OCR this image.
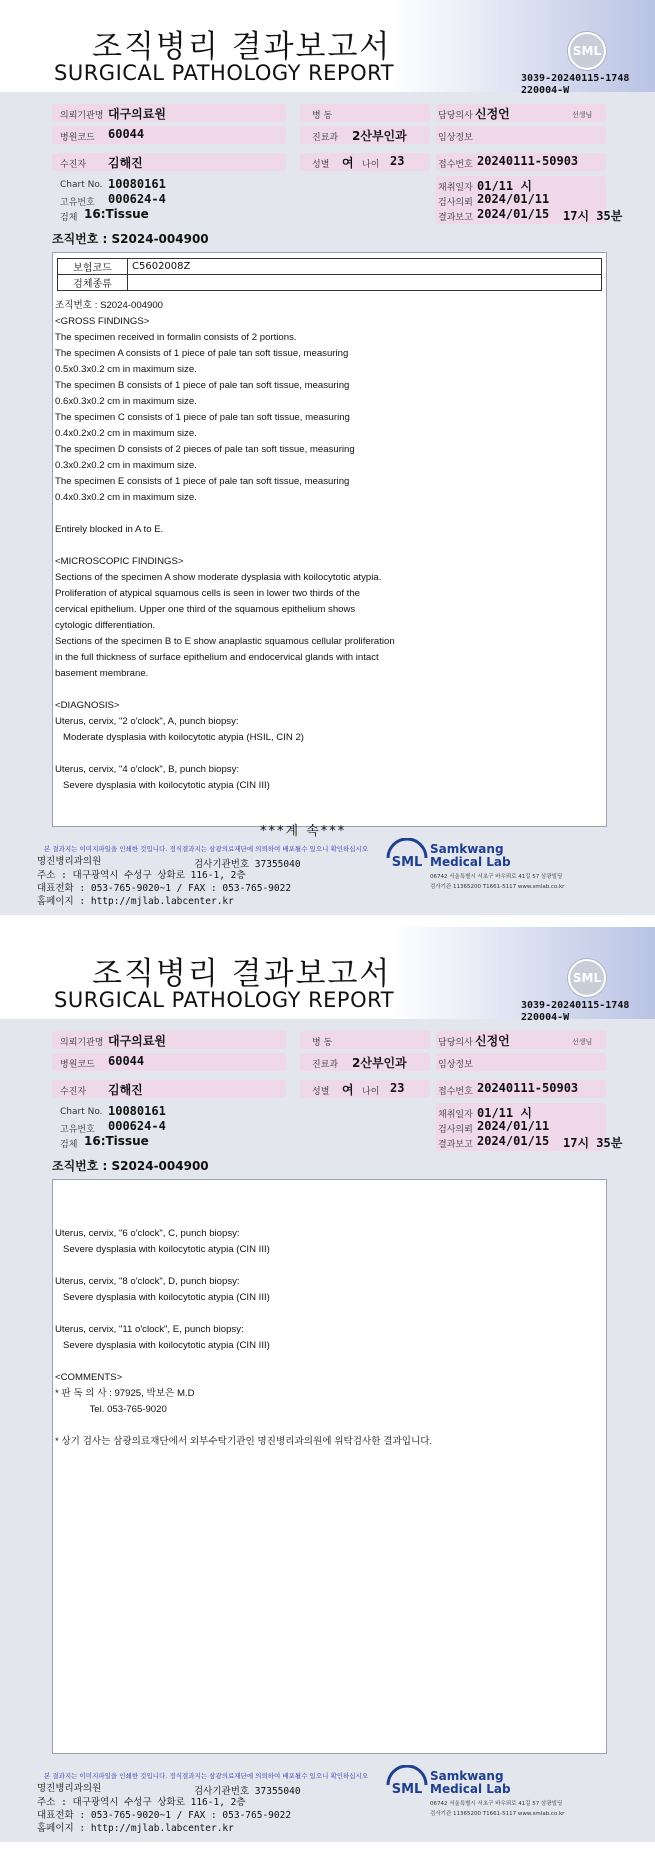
조직병리 결과보고서
SURGICAL PATHOLOGY REPORT
SML
3039-20240115-1748
220004-W
의뢰기관명 대구의료원	병 동	담당의사 신정언	선생님
병원코드 60044	진료과 2산부인과	임상정보
수진자 김해진	성별 여 나이 23	접수번호 20240111-50903
Chart No. 10080161
고유번호 000624-4
검체 16:Tissue
채취일자 01/11 시
검사의뢰 2024/01/11
결과보고 2024/01/15 17시 35분
조직번호 : S2024-004900
보험코드	C5602008Z
검체종류	
조직번호 : S2024-004900
<GROSS FINDINGS>
The specimen received in formalin consists of 2 portions.
The specimen A consists of 1 piece of pale tan soft tissue, measuring
0.5x0.3x0.2 cm in maximum size.
The specimen B consists of 1 piece of pale tan soft tissue, measuring
0.6x0.3x0.2 cm in maximum size.
The specimen C consists of 1 piece of pale tan soft tissue, measuring
0.4x0.2x0.2 cm in maximum size.
The specimen D consists of 2 pieces of pale tan soft tissue, measuring
0.3x0.2x0.2 cm in maximum size.
The specimen E consists of 1 piece of pale tan soft tissue, measuring
0.4x0.3x0.2 cm in maximum size.
Entirely blocked in A to E.
<MICROSCOPIC FINDINGS>
Sections of the specimen A show moderate dysplasia with koilocytotic atypia.
Proliferation of atypical squamous cells is seen in lower two thirds of the
cervical epithelium. Upper one third of the squamous epithelium shows
cytologic differentiation.
Sections of the specimen B to E show anaplastic squamous cellular proliferation
in the full thickness of surface epithelium and endocervical glands with intact
basement membrane.
<DIAGNOSIS>
Uterus, cervix, "2 o'clock", A, punch biopsy:
Moderate dysplasia with koilocytotic atypia (HSIL, CIN 2)
Uterus, cervix, "4 o'clock", B, punch biopsy:
Severe dysplasia with koilocytotic atypia (CIN III)
***계 속***
본 결과지는 이미지파일을 인쇄한 것입니다. 정식결과지는 삼광의료재단에 의뢰하여 배포될수 있으니 확인하십시오
명진병리과의원	검사기관번호 37355040
주소 : 대구광역시 수성구 상화로 116-1, 2층
대표전화 : 053-765-9020~1 / FAX : 053-765-9022
홈페이지 : http://mjlab.labcenter.kr
SML
Samkwang
Medical Lab
06742 서울특별시 서초구 바우뫼로 41길 57 삼광빌딩
검사기관 11365200 T1661-5117 www.smlab.co.kr
조직병리 결과보고서
SURGICAL PATHOLOGY REPORT
SML
3039-20240115-1748
220004-W
의뢰기관명 대구의료원	병 동	담당의사 신정언	선생님
병원코드 60044	진료과 2산부인과	임상정보
수진자 김해진	성별 여 나이 23	접수번호 20240111-50903
Chart No. 10080161
고유번호 000624-4
검체 16:Tissue
채취일자 01/11 시
검사의뢰 2024/01/11
결과보고 2024/01/15 17시 35분
조직번호 : S2024-004900
Uterus, cervix, "6 o'clock", C, punch biopsy:
Severe dysplasia with koilocytotic atypia (CIN III)
Uterus, cervix, "8 o'clock", D, punch biopsy:
Severe dysplasia with koilocytotic atypia (CIN III)
Uterus, cervix, "11 o'clock", E, punch biopsy:
Severe dysplasia with koilocytotic atypia (CIN III)
<COMMENTS>
* 판 독 의 사 : 97925, 박보은 M.D
Tel. 053-765-9020
* 상기 검사는 삼광의료재단에서 외부수탁기관인 명진병리과의원에 위탁검사한 결과입니다.
본 결과지는 이미지파일을 인쇄한 것입니다. 정식결과지는 삼광의료재단에 의뢰하여 배포될수 있으니 확인하십시오
명진병리과의원	검사기관번호 37355040
주소 : 대구광역시 수성구 상화로 116-1, 2층
대표전화 : 053-765-9020~1 / FAX : 053-765-9022
홈페이지 : http://mjlab.labcenter.kr
SML
Samkwang
Medical Lab
06742 서울특별시 서초구 바우뫼로 41길 57 삼광빌딩
검사기관 11365200 T1661-5117 www.smlab.co.kr
